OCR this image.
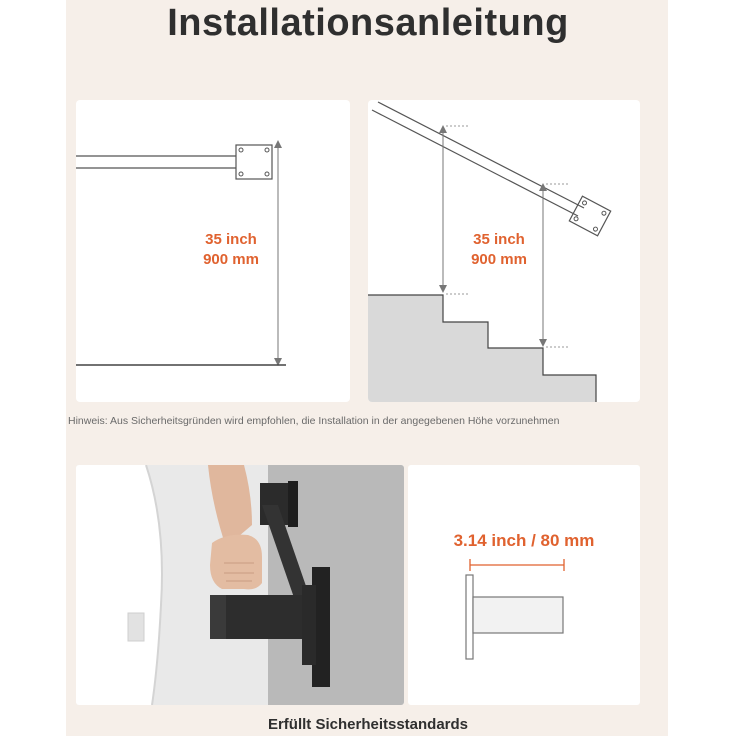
Installationsanleitung
35 inch
900 mm
35 inch
900 mm
Hinweis: Aus Sicherheitsgründen wird empfohlen, die Installation in der angegebenen Höhe vorzunehmen
3.14 inch / 80 mm
Erfüllt Sicherheitsstandards
